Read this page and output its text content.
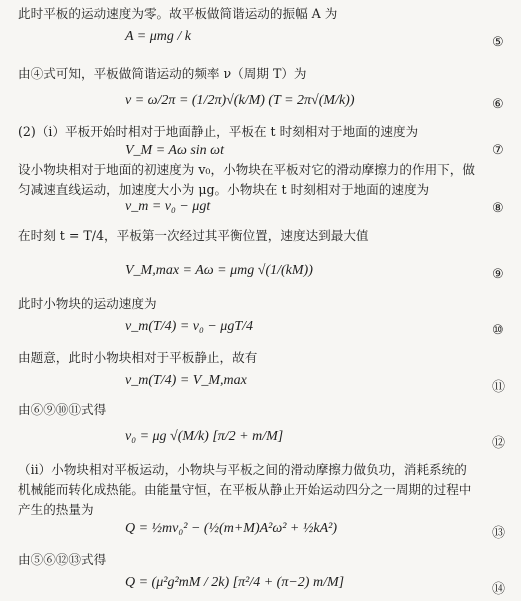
此时平板的运动速度为零。故平板做简谐运动的振幅 A 为
A = μmg / k	⑤
由④式可知，平板做简谐运动的频率 ν（周期 T）为
ν = ω/2π = (1/2π)√(k/M) (T = 2π√(M/k))	⑥
(2)（i）平板开始时相对于地面静止，平板在 t 时刻相对于地面的速度为
V_M = Aω sin ωt	⑦
设小物块相对于地面的初速度为 v₀，小物块在平板对它的滑动摩擦力的作用下，做
匀减速直线运动，加速度大小为 μg。小物块在 t 时刻相对于地面的速度为
v_m = v₀ − μgt	⑧
在时刻 t = T/4，平板第一次经过其平衡位置，速度达到最大值
V_M,max = Aω = μmg √(1/(kM))	⑨
此时小物块的运动速度为
v_m(T/4) = v₀ − μgT/4	⑩
由题意，此时小物块相对于平板静止，故有
v_m(T/4) = V_M,max	⑪
由⑥⑨⑩⑪式得
v₀ = μg √(M/k) [π/2 + m/M]	⑫
（ii）小物块相对平板运动，小物块与平板之间的滑动摩擦力做负功，消耗系统的
机械能而转化成热能。由能量守恒，在平板从静止开始运动四分之一周期的过程中
产生的热量为
Q = ½mv₀² − (½(m+M)A²ω² + ½kA²)	⑬
由⑤⑥⑫⑬式得
Q = (μ²g²mM / 2k) [π²/4 + (π−2) m/M]	⑭
